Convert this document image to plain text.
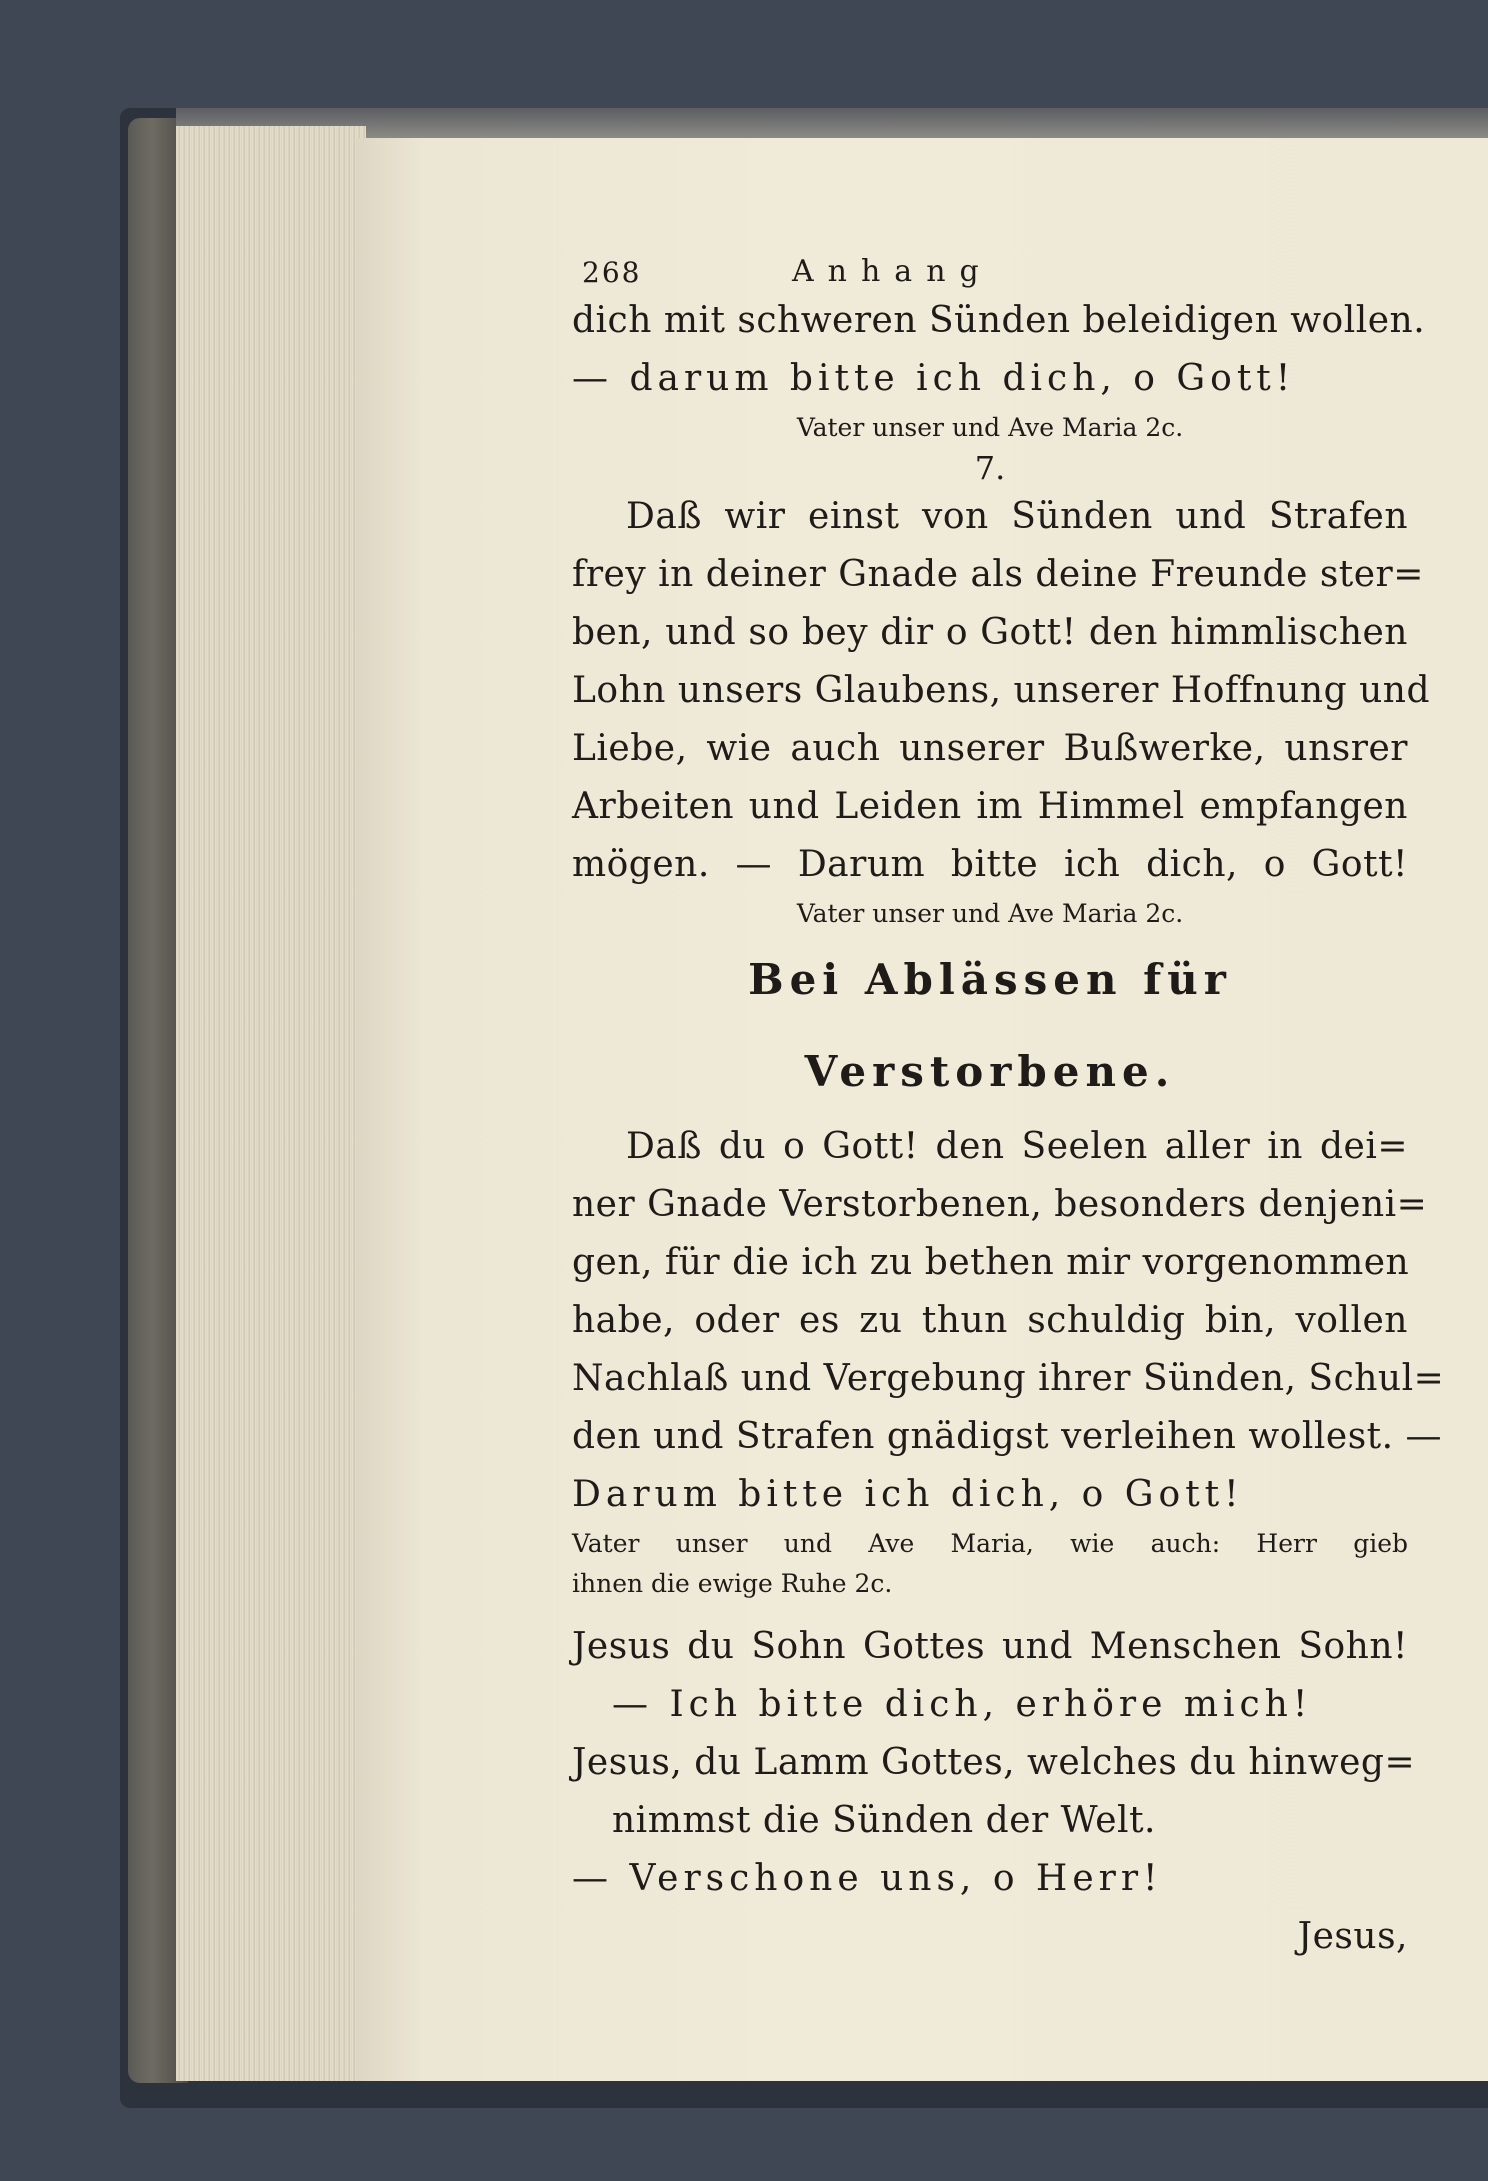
268	Anhang
dich mit schweren Sünden beleidigen wollen.
— darum bitte ich dich, o Gott!
Vater unser und Ave Maria 2c.
7.
Daß wir einst von Sünden und Strafen
frey in deiner Gnade als deine Freunde ster=
ben, und so bey dir o Gott! den himmlischen
Lohn unsers Glaubens, unserer Hoffnung und
Liebe, wie auch unserer Bußwerke, unsrer
Arbeiten und Leiden im Himmel empfangen
mögen. — Darum bitte ich dich, o Gott!
Vater unser und Ave Maria 2c.
Bei Ablässen für Verstorbene.
Daß du o Gott! den Seelen aller in dei=
ner Gnade Verstorbenen, besonders denjeni=
gen, für die ich zu bethen mir vorgenommen
habe, oder es zu thun schuldig bin, vollen
Nachlaß und Vergebung ihrer Sünden, Schul=
den und Strafen gnädigst verleihen wollest. —
Darum bitte ich dich, o Gott!
Vater unser und Ave Maria, wie auch: Herr gieb
ihnen die ewige Ruhe 2c.
Jesus du Sohn Gottes und Menschen Sohn!
— Ich bitte dich, erhöre mich!
Jesus, du Lamm Gottes, welches du hinweg=
nimmst die Sünden der Welt.
— Verschone uns, o Herr!
Jesus,
